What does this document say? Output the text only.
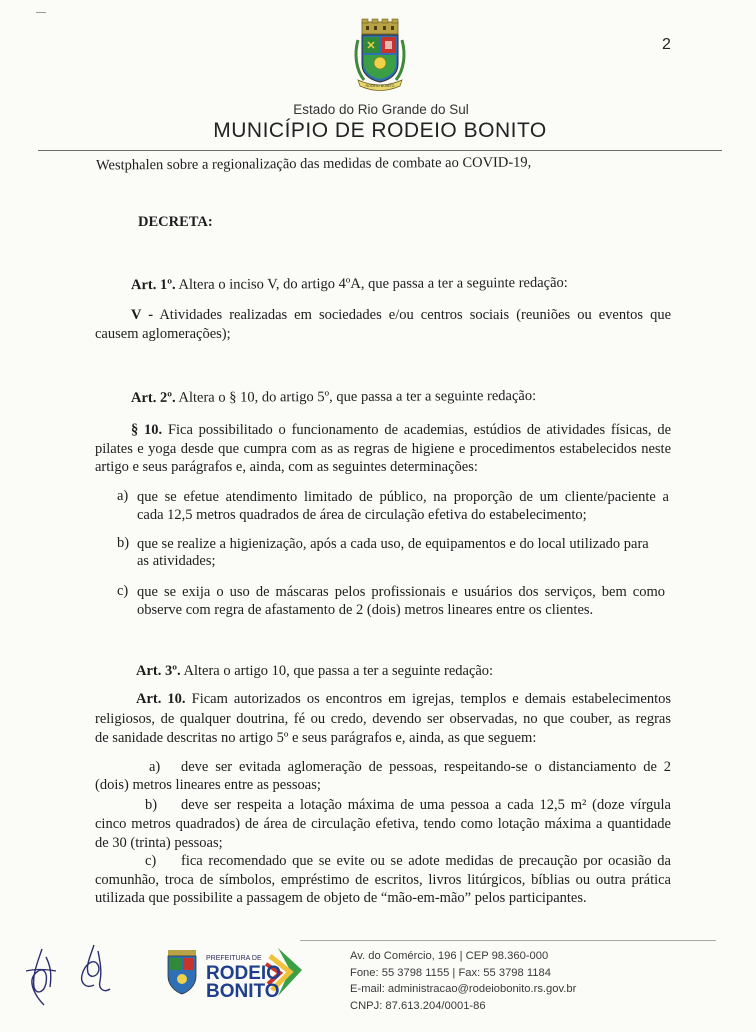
RODEIO BONITO
2
Estado do Rio Grande do Sul
MUNICÍPIO DE RODEIO BONITO
Westphalen sobre a regionalização das medidas de combate ao COVID-19,
DECRETA:
Art. 1º. Altera o inciso V, do artigo 4ºA, que passa a ter a seguinte redação:
V - Atividades realizadas em sociedades e/ou centros sociais (reuniões ou eventos que
causem aglomerações);
Art. 2º. Altera o § 10, do artigo 5º, que passa a ter a seguinte redação:
§ 10. Fica possibilitado o funcionamento de academias, estúdios de atividades físicas, de
pilates e yoga desde que cumpra com as as regras de higiene e procedimentos estabelecidos neste
artigo e seus parágrafos e, ainda, com as seguintes determinações:
a) que se efetue atendimento limitado de público, na proporção de um cliente/paciente a
cada 12,5 metros quadrados de área de circulação efetiva do estabelecimento;
b) que se realize a higienização, após a cada uso, de equipamentos e do local utilizado para
as atividades;
c) que se exija o uso de máscaras pelos profissionais e usuários dos serviços, bem como
observe com regra de afastamento de 2 (dois) metros lineares entre os clientes.
Art. 3º. Altera o artigo 10, que passa a ter a seguinte redação:
Art. 10. Ficam autorizados os encontros em igrejas, templos e demais estabelecimentos
religiosos, de qualquer doutrina, fé ou credo, devendo ser observadas, no que couber, as regras
de sanidade descritas no artigo 5º e seus parágrafos e, ainda, as que seguem:
a) deve ser evitada aglomeração de pessoas, respeitando-se o distanciamento de 2
(dois) metros lineares entre as pessoas;
b) deve ser respeita a lotação máxima de uma pessoa a cada 12,5 m² (doze vírgula
cinco metros quadrados) de área de circulação efetiva, tendo como lotação máxima a quantidade
de 30 (trinta) pessoas;
c) fica recomendado que se evite ou se adote medidas de precaução por ocasião da
comunhão, troca de símbolos, empréstimo de escritos, livros litúrgicos, bíblias ou outra prática
utilizada que possibilite a passagem de objeto de “mão-em-mão” pelos participantes.
PREFEITURA DE
RODEIO
BONITO
Av. do Comércio, 196 | CEP 98.360-000
Fone: 55 3798 1155 | Fax: 55 3798 1184
E-mail: administracao@rodeiobonito.rs.gov.br
CNPJ: 87.613.204/0001-86
